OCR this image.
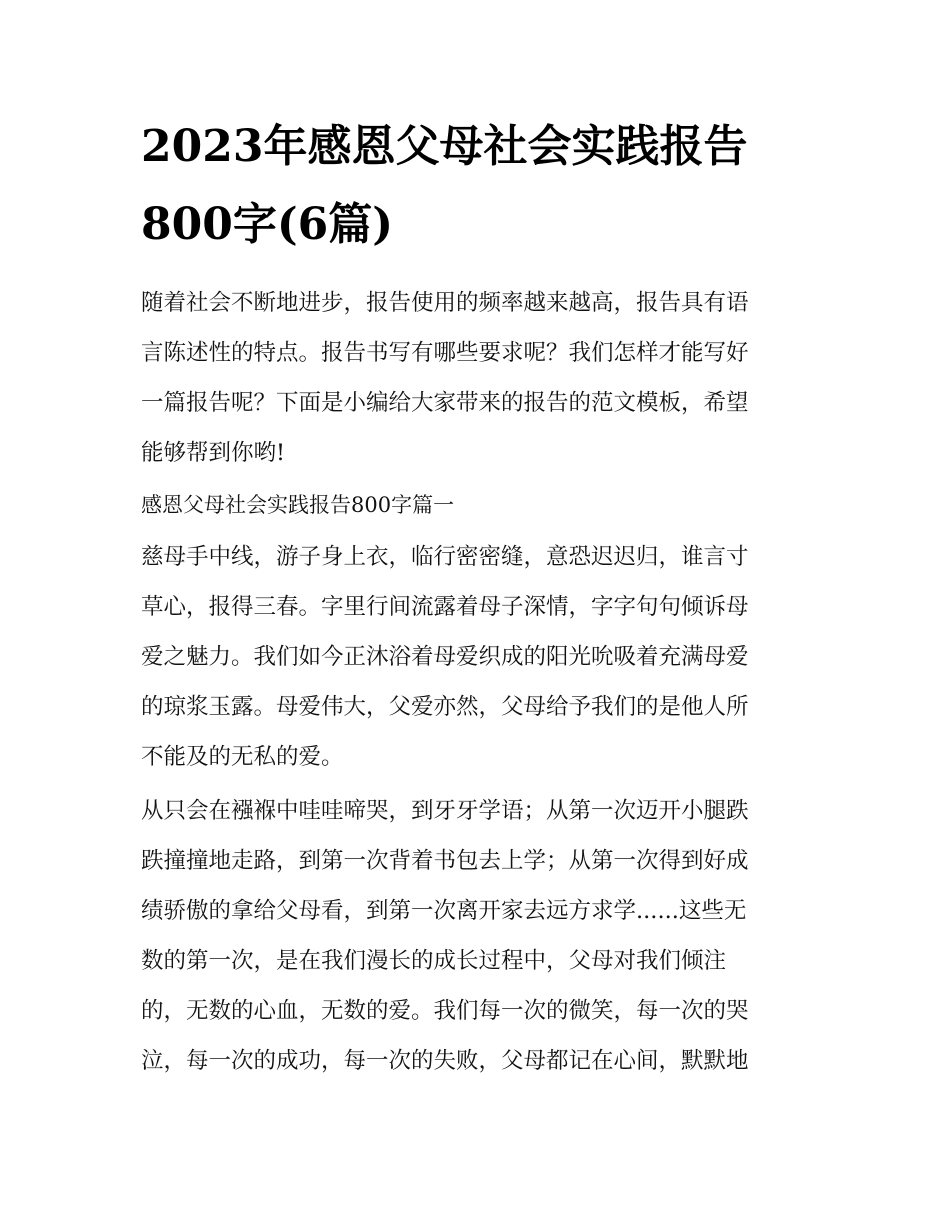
2023年感恩父母社会实践报告
800字(6篇)
随着社会不断地进步，报告使用的频率越来越高，报告具有语
言陈述性的特点。报告书写有哪些要求呢？我们怎样才能写好
一篇报告呢？下面是小编给大家带来的报告的范文模板，希望
能够帮到你哟!
感恩父母社会实践报告800字篇一
慈母手中线，游子身上衣，临行密密缝，意恐迟迟归，谁言寸
草心，报得三春。字里行间流露着母子深情，字字句句倾诉母
爱之魅力。我们如今正沐浴着母爱织成的阳光吮吸着充满母爱
的琼浆玉露。母爱伟大，父爱亦然，父母给予我们的是他人所
不能及的无私的爱。
从只会在襁褓中哇哇啼哭，到牙牙学语；从第一次迈开小腿跌
跌撞撞地走路，到第一次背着书包去上学；从第一次得到好成
绩骄傲的拿给父母看，到第一次离开家去远方求学......这些无
数的第一次，是在我们漫长的成长过程中，父母对我们倾注
的，无数的心血，无数的爱。我们每一次的微笑，每一次的哭
泣，每一次的成功，每一次的失败，父母都记在心间，默默地
